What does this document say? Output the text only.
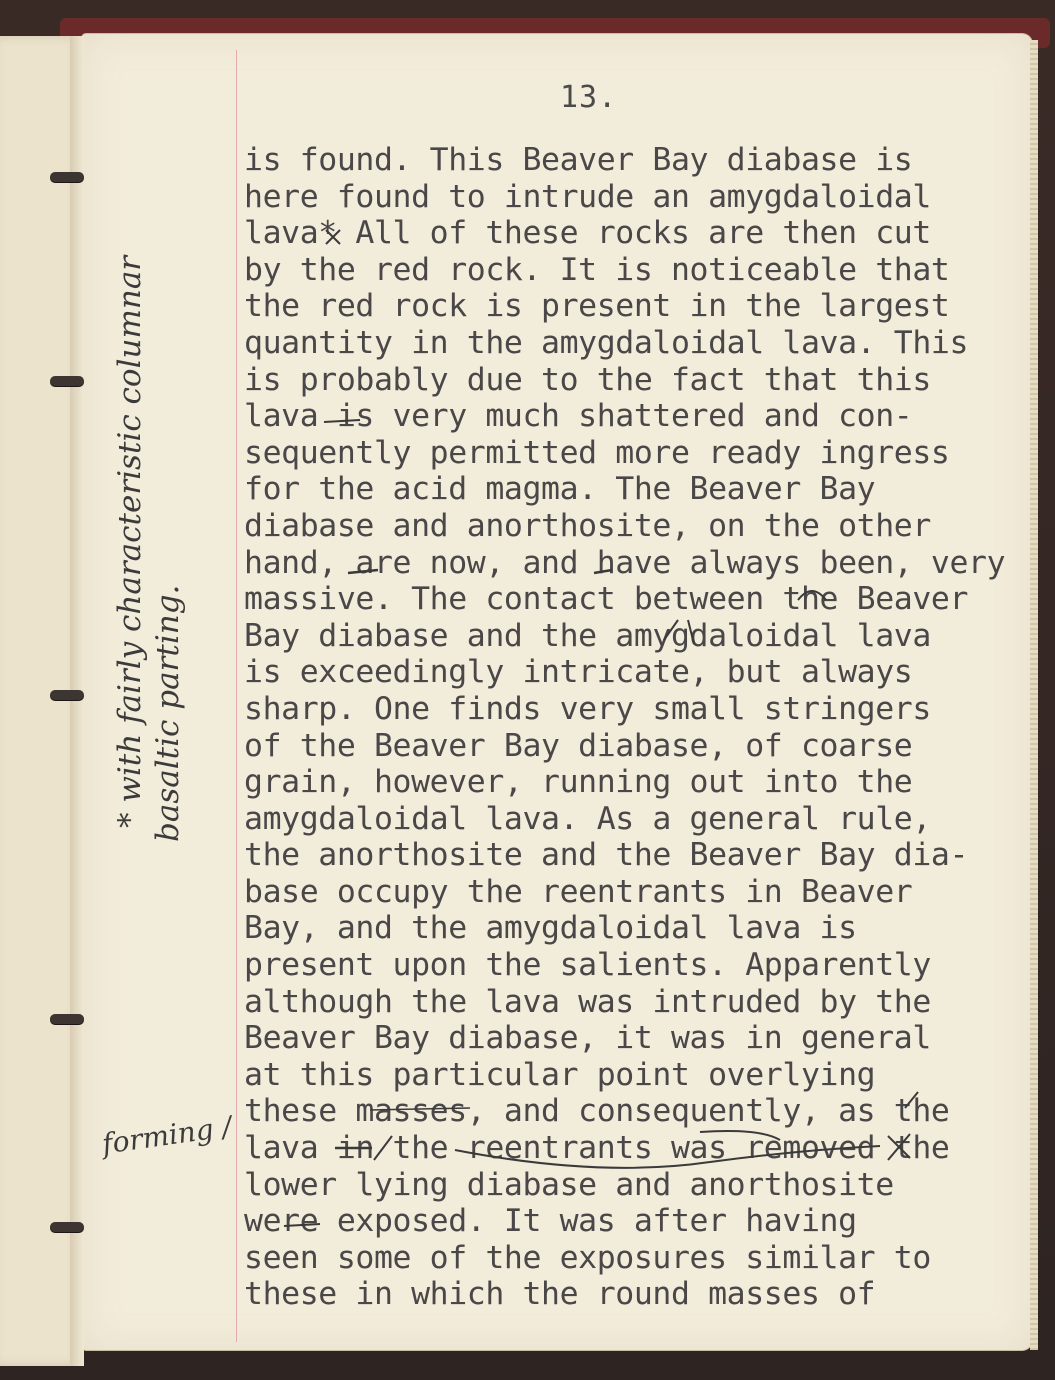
13.
is found. This Beaver Bay diabase is
here found to intrude an amygdaloidal
lava* All of these rocks are then cut
by the red rock. It is noticeable that
the red rock is present in the largest
quantity in the amygdaloidal lava. This
is probably due to the fact that this
lava is very much shattered and con-
sequently permitted more ready ingress
for the acid magma. The Beaver Bay
diabase and anorthosite, on the other
hand, are now, and have always been, very
massive. The contact between the Beaver
Bay diabase and the amygdaloidal lava
is exceedingly intricate, but always
sharp. One finds very small stringers
of the Beaver Bay diabase, of coarse
grain, however, running out into the
amygdaloidal lava. As a general rule,
the anorthosite and the Beaver Bay dia-
base occupy the reentrants in Beaver
Bay, and the amygdaloidal lava is
present upon the salients. Apparently
although the lava was intruded by the
Beaver Bay diabase, it was in general
at this particular point overlying
these masses, and consequently, as the
lava in the reentrants was removed the
lower lying diabase and anorthosite
were exposed. It was after having
seen some of the exposures similar to
these in which the round masses of
* with fairly characteristic columnar basaltic parting.
forming /
